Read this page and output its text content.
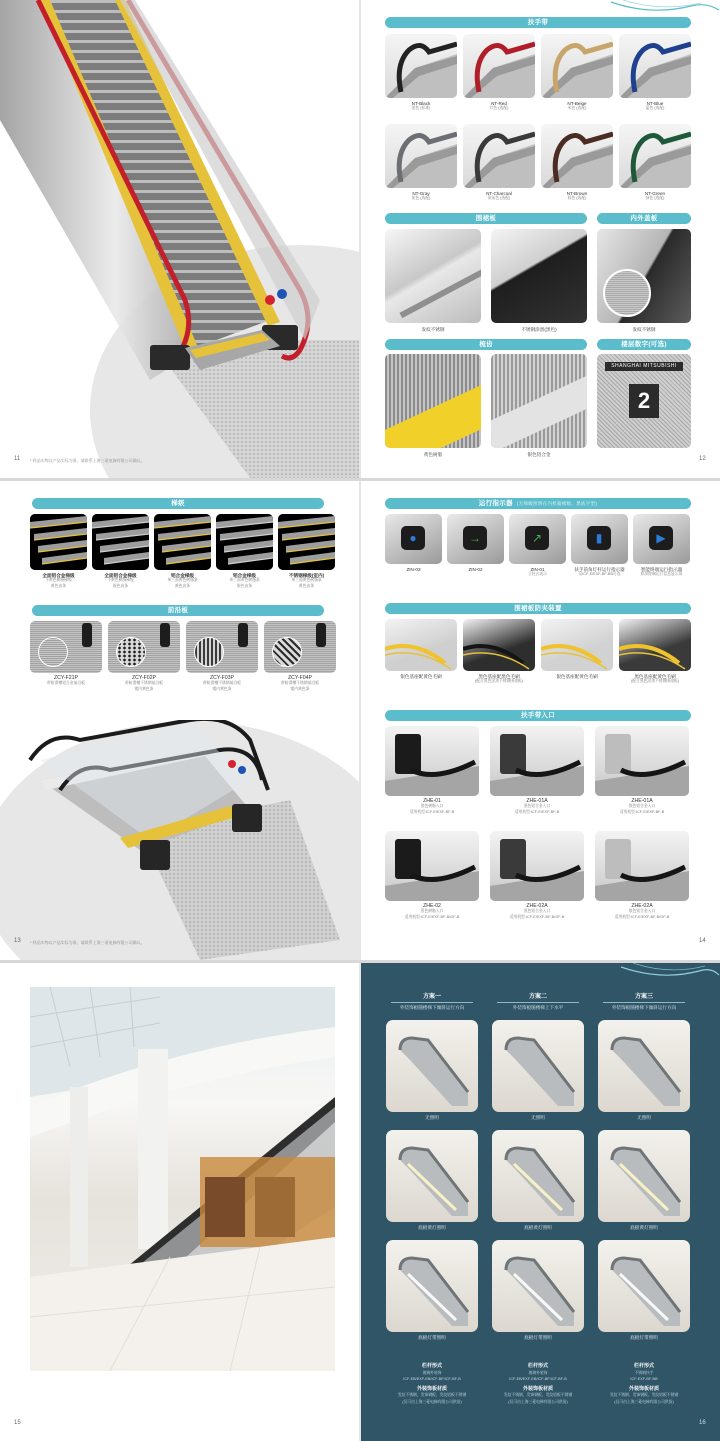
11 * 样品实物以产品实际为准，请联系上海三菱电梯有限公司确认。
扶手带
NT-Black
黑色 (标准)
NT-Red
红色 (选配)
NT-Beige
米色 (选配)
NT-Blue
蓝色 (选配)
NT-Gray
灰色 (选配)
NT-Charcoal
炭灰色 (选配)
NT-Brown
棕色 (选配)
NT-Green
绿色 (选配)
围裙板	内外盖板
发纹不锈钢	不锈钢涂黑(黑色)	发纹不锈钢
梳齿	楼层数字(可选)
黄色树脂	银色铝合金
SHANGHAI MITSUBISHI
2
12
梯级
全面铝合金梯级
不黄色树脂梯级
黄色齿条
全面铝合金梯级
不黄色树脂梯级
银色齿条
铝合金梯级
单三面黄色树脂条
黄色齿条
铝合金梯级
单三面黄色树脂条
银色齿条
不锈钢梯级(室内)
单三面黄色树脂条
黄色齿条
前沿板
ZCY-F21P
带防滑槽铝合金前沿板
ZCY-F02P
带防滑槽不锈钢前沿板
镂内黄色条
ZCY-F03P
带防滑槽不锈钢前沿板
镂内黄色条
ZCY-F04P
带防滑槽不锈钢前沿板
镂内黄色条
13 * 样品实物以产品实际为准，请联系上海三菱电梯有限公司确认。
运行指示器 (无梯级照明在内机箱梯级、黑底字型)
●
ZIN-03
→
ZIN-02
↗
ZIN-01
立柱式表示
▮
扶手前角灯杆运行指示器
仅ICF-E/EXF-BF-BB可选
▶
智能终端运行指示器
彩屏终端运行信息显示屏
围裙板防夹装置
银色基座配黄色毛刷	黑色基座配黑色毛刷
(配合黑色涂黑不锈钢围裙板)
银色基座配黄色毛刷	黑色基座配黄色毛刷
(配合黑色涂黑不锈钢围裙板)
扶手带入口
ZHE-01
黑色树脂入口
适用机型:ICF-E/EXF-BF-B
ZHE-01A
黑色铝合金入口
适用机型:ICF-E/EXF-BF-B
ZHE-01A
银色铝合金入口
适用机型:ICF-E/EXF-BF-B
ZHE-02
黑色树脂入口
适用机型:ICF-E/EXF-BF-B/GF-B
ZHE-02A
黑色铝合金入口
适用机型:ICF-E/EXF-BF-B/GF-B
ZHE-02A
银色铝合金入口
适用机型:ICF-E/EXF-BF-B/GF-B
14
15
方案一
外装饰板随楼梯下倾斜运行方向
无照明
底板黄灯照明
底板灯带照明
栏杆形式
玻璃外装饰
ICF-EB/EXF-EB/ICF-BF/ICF-BF-B
外装饰板材质
发纹不锈钢，发饰钢板，发纹铝板不锈钢
(仅可由上海三菱电梯有限公司供货)
方案二
外装饰板随楼梯上下水平
无照明
底板黄灯照明
底板灯带照明
栏杆形式
玻璃外装饰
ICF-EB/EXF-EB/ICF-BF/ICF-BF-B
外装饰板材质
发纹不锈钢，发饰钢板，发纹铝板不锈钢
(仅可由上海三菱电梯有限公司供货)
方案三
外装饰板随楼梯下倾斜运行方向
无照明
底板黄灯照明
底板灯带照明
栏杆形式
不锈钢扶手
ICF-EXF-BF-BB
外装饰板材质
发纹不锈钢，发饰钢板，发纹铝板不锈钢
(仅可由上海三菱电梯有限公司供货)
16
